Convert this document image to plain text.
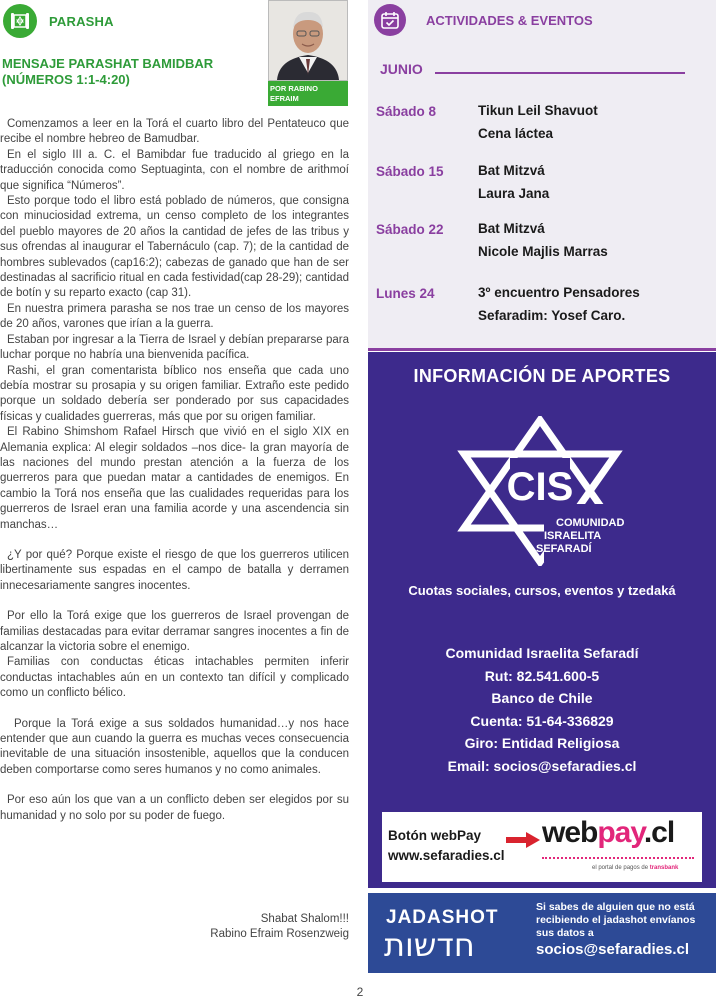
PARASHA
MENSAJE PARASHAT BAMIDBAR
(NÚMEROS 1:1-4:20)
POR RABINO
EFRAIM ROSENZWEIG

Comenzamos a leer en la Torá el cuarto libro del Pentateuco que recibe el nombre hebreo de Bamudbar.

En el siglo III a. C. el Bamibdar fue traducido al griego en la traducción conocida como Septuaginta, con el nombre de arithmoí que significa “Números”.

Esto porque todo el libro está poblado de números, que consigna con minuciosidad extrema, un censo completo de los integrantes del pueblo mayores de 20 años la cantidad de jefes de las tribus y sus ofrendas al inaugurar el Tabernáculo (cap. 7); de la cantidad de hombres sublevados (cap16:2); cabezas de ganado que han de ser destinadas al sacrificio ritual en cada festividad(cap 28-29); cantidad de botín y su reparto exacto (cap 31).

En nuestra primera parasha se nos trae un censo de los mayores de 20 años, varones que irían a la guerra.

Estaban por ingresar a la Tierra de Israel y debían prepararse para luchar porque no habría una bienvenida pacífica.

Rashi, el gran comentarista bíblico nos enseña que cada uno debía mostrar su prosapia y su origen familiar. Extraño este pedido porque un soldado debería ser ponderado por sus capacidades físicas y cualidades guerreras, más que por su origen familiar.

El Rabino Shimshom Rafael Hirsch que vivió en el siglo XIX en Alemania explica: Al elegir soldados –nos dice- la gran mayoría de las naciones del mundo prestan atención a la fuerza de los guerreros para que puedan matar a cantidades de enemigos. En cambio la Torá nos enseña que las cualidades requeridas para los guerreros de Israel eran una familia acorde y una ascendencia sin manchas…

¿Y por qué? Porque existe el riesgo de que los guerreros utilicen libertinamente sus espadas en el campo de batalla y derramen innecesariamente sangres inocentes.

Por ello la Torá exige que los guerreros de Israel provengan de familias destacadas para evitar derramar sangres inocentes a fin de alcanzar la victoria sobre el enemigo.

Familias con conductas éticas intachables permiten inferir conductas intachables aún en un contexto tan difícil y complicado como un conflicto bélico.

Porque la Torá exige a sus soldados humanidad…y nos hace entender que aun cuando la guerra es muchas veces consecuencia inevitable de una situación insostenible, aquellos que la conducen deben comportarse como seres humanos y no como animales.

Por eso aún los que van a un conflicto deben ser elegidos por su humanidad y no solo por su poder de fuego.

Shabat Shalom!!!
Rabino Efraim Rosenzweig
ACTIVIDADES & EVENTOS
JUNIO
Sábado 8	Tikun Leil Shavuot
Cena láctea
Sábado 15	Bat Mitzvá
Laura Jana
Sábado 22	Bat Mitzvá
Nicole Majlis Marras
Lunes 24	3º encuentro Pensadores
Sefaradim: Yosef Caro.
INFORMACIÓN DE APORTES
CIS
COMUNIDAD
ISRAELITA
SEFARADÍ
Cuotas sociales, cursos, eventos y tzedaká
Comunidad Israelita Sefaradí
Rut: 82.541.600-5
Banco de Chile
Cuenta: 51-64-336829
Giro: Entidad Religiosa
Email: socios@sefaradies.cl
Botón webPay
www.sefaradies.cl
webpay.cl
el portal de pagos de transbank
JADASHOT
חדשות
Si sabes de alguien que no está recibiendo el jadashot envíanos sus datos a
socios@sefaradies.cl
2
